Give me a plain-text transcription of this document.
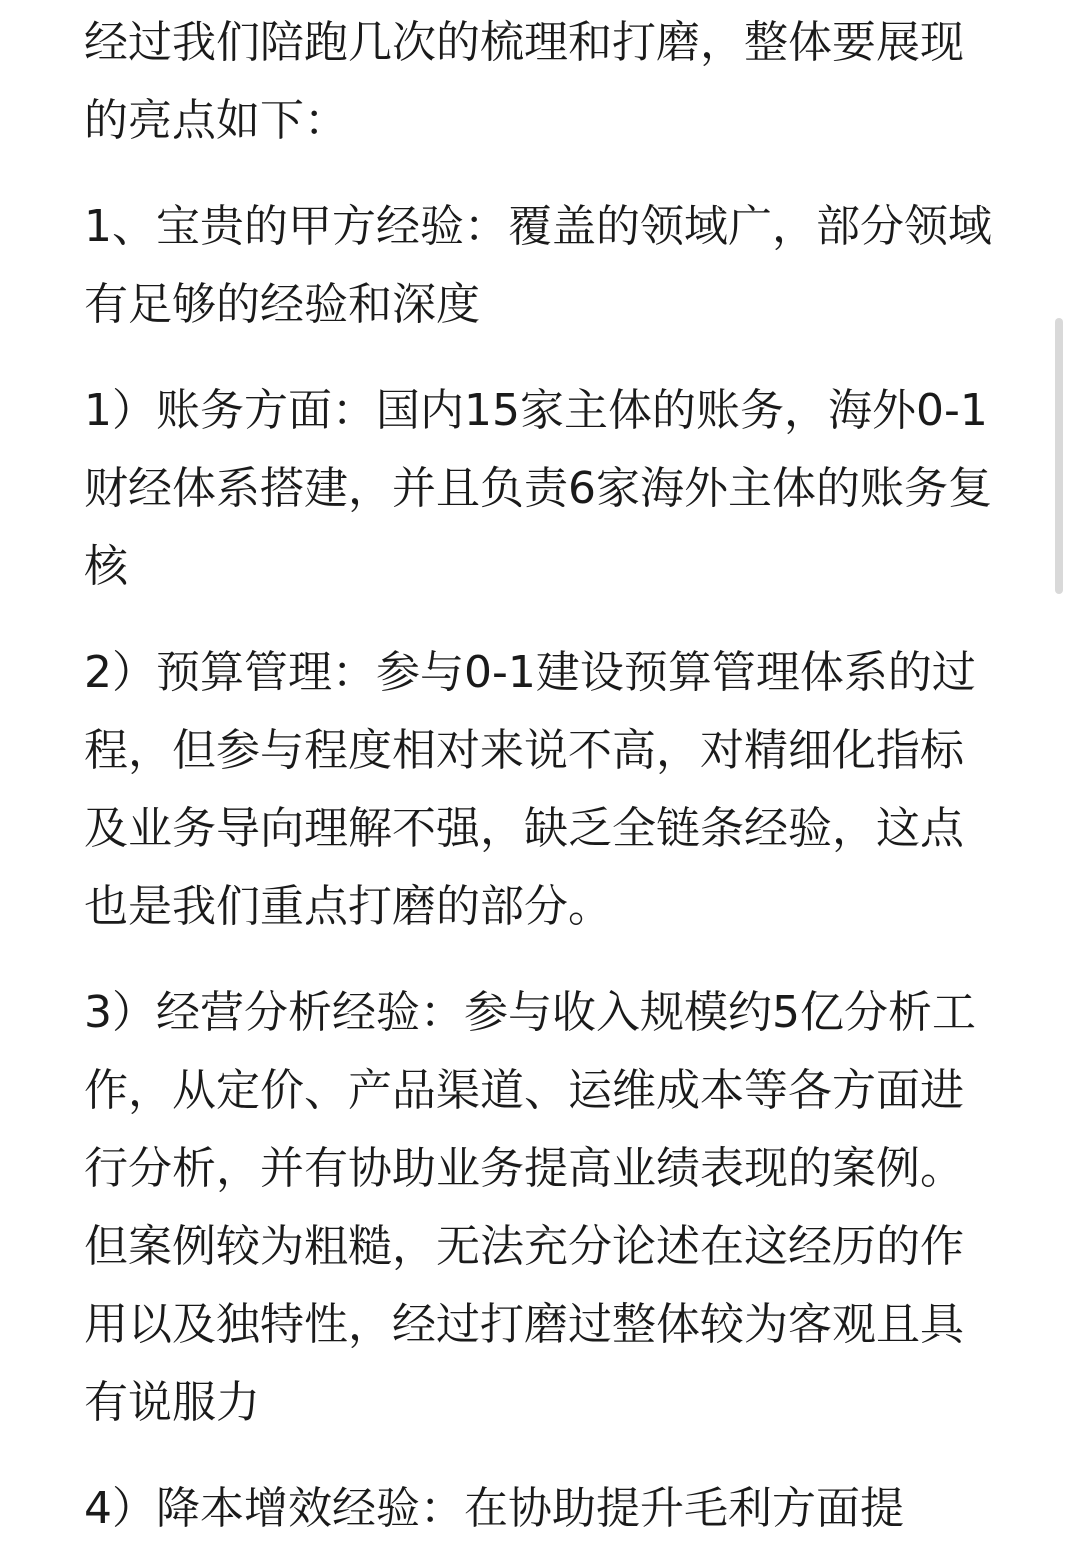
经过我们陪跑几次的梳理和打磨，整体要展现的亮点如下：

1、宝贵的甲方经验：覆盖的领域广，部分领域有足够的经验和深度

1）账务方面：国内15家主体的账务，海外0-1财经体系搭建，并且负责6家海外主体的账务复核

2）预算管理：参与0-1建设预算管理体系的过程，但参与程度相对来说不高，对精细化指标及业务导向理解不强，缺乏全链条经验，这点也是我们重点打磨的部分。

3）经营分析经验：参与收入规模约5亿分析工作，从定价、产品渠道、运维成本等各方面进行分析，并有协助业务提高业绩表现的案例。但案例较为粗糙，无法充分论述在这经历的作用以及独特性，经过打磨过整体较为客观且具有说服力

4）降本增效经验：在协助提升毛利方面提
